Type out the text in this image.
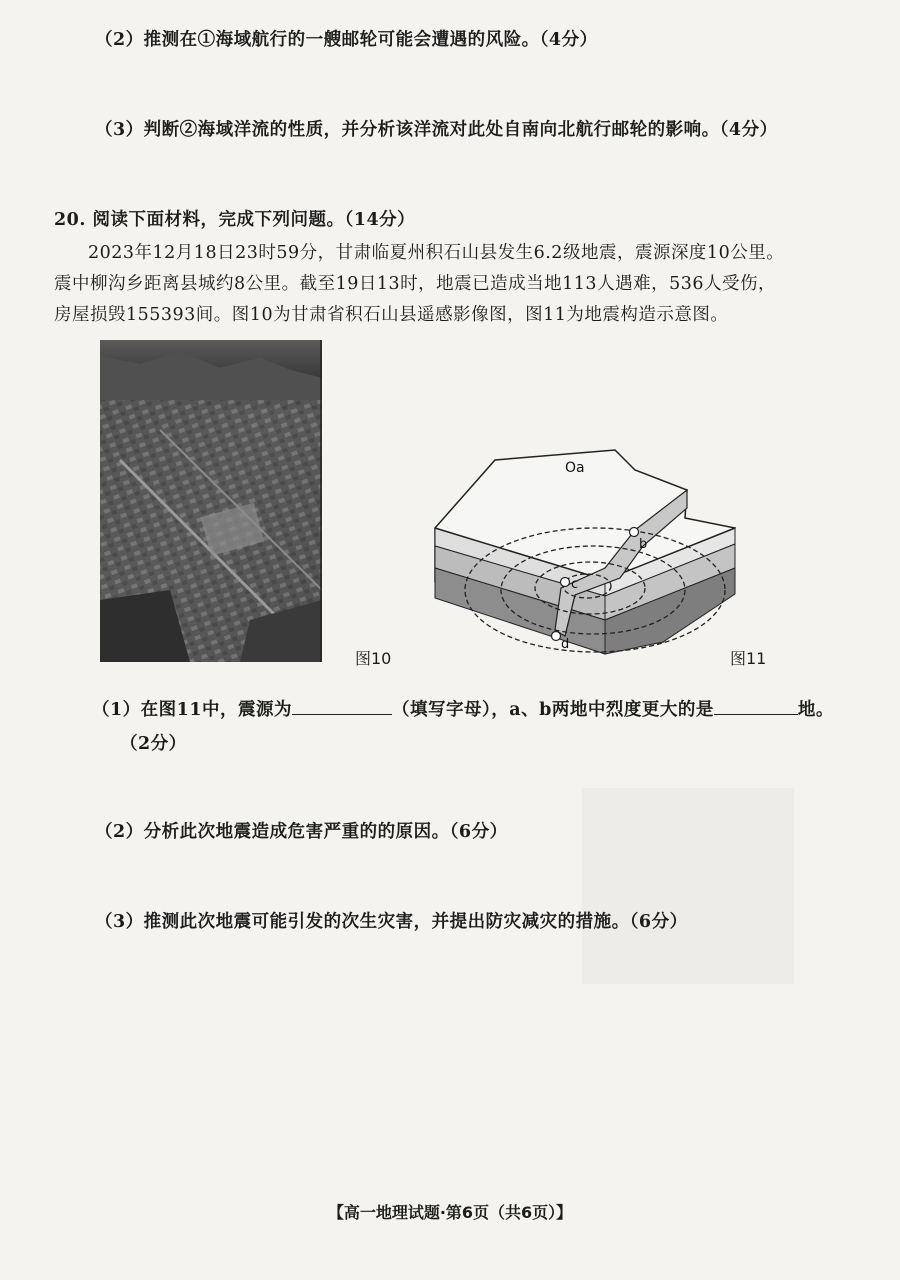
（2）推测在①海域航行的一艘邮轮可能会遭遇的风险。（4分）
（3）判断②海域洋流的性质，并分析该洋流对此处自南向北航行邮轮的影响。（4分）
20. 阅读下面材料，完成下列问题。（14分）
2023年12月18日23时59分，甘肃临夏州积石山县发生6.2级地震，震源深度10公里。
震中柳沟乡距离县城约8公里。截至19日13时，地震已造成当地113人遇难，536人受伤，
房屋损毁155393间。图10为甘肃省积石山县遥感影像图，图11为地震构造示意图。
图10
Oa
b
c
d
图11
（1）在图11中，震源为	（填写字母），a、b两地中烈度更大的是	地。
（2分）
（2）分析此次地震造成危害严重的的原因。（6分）
（3）推测此次地震可能引发的次生灾害，并提出防灾减灾的措施。（6分）
【高一地理试题·第6页（共6页）】
